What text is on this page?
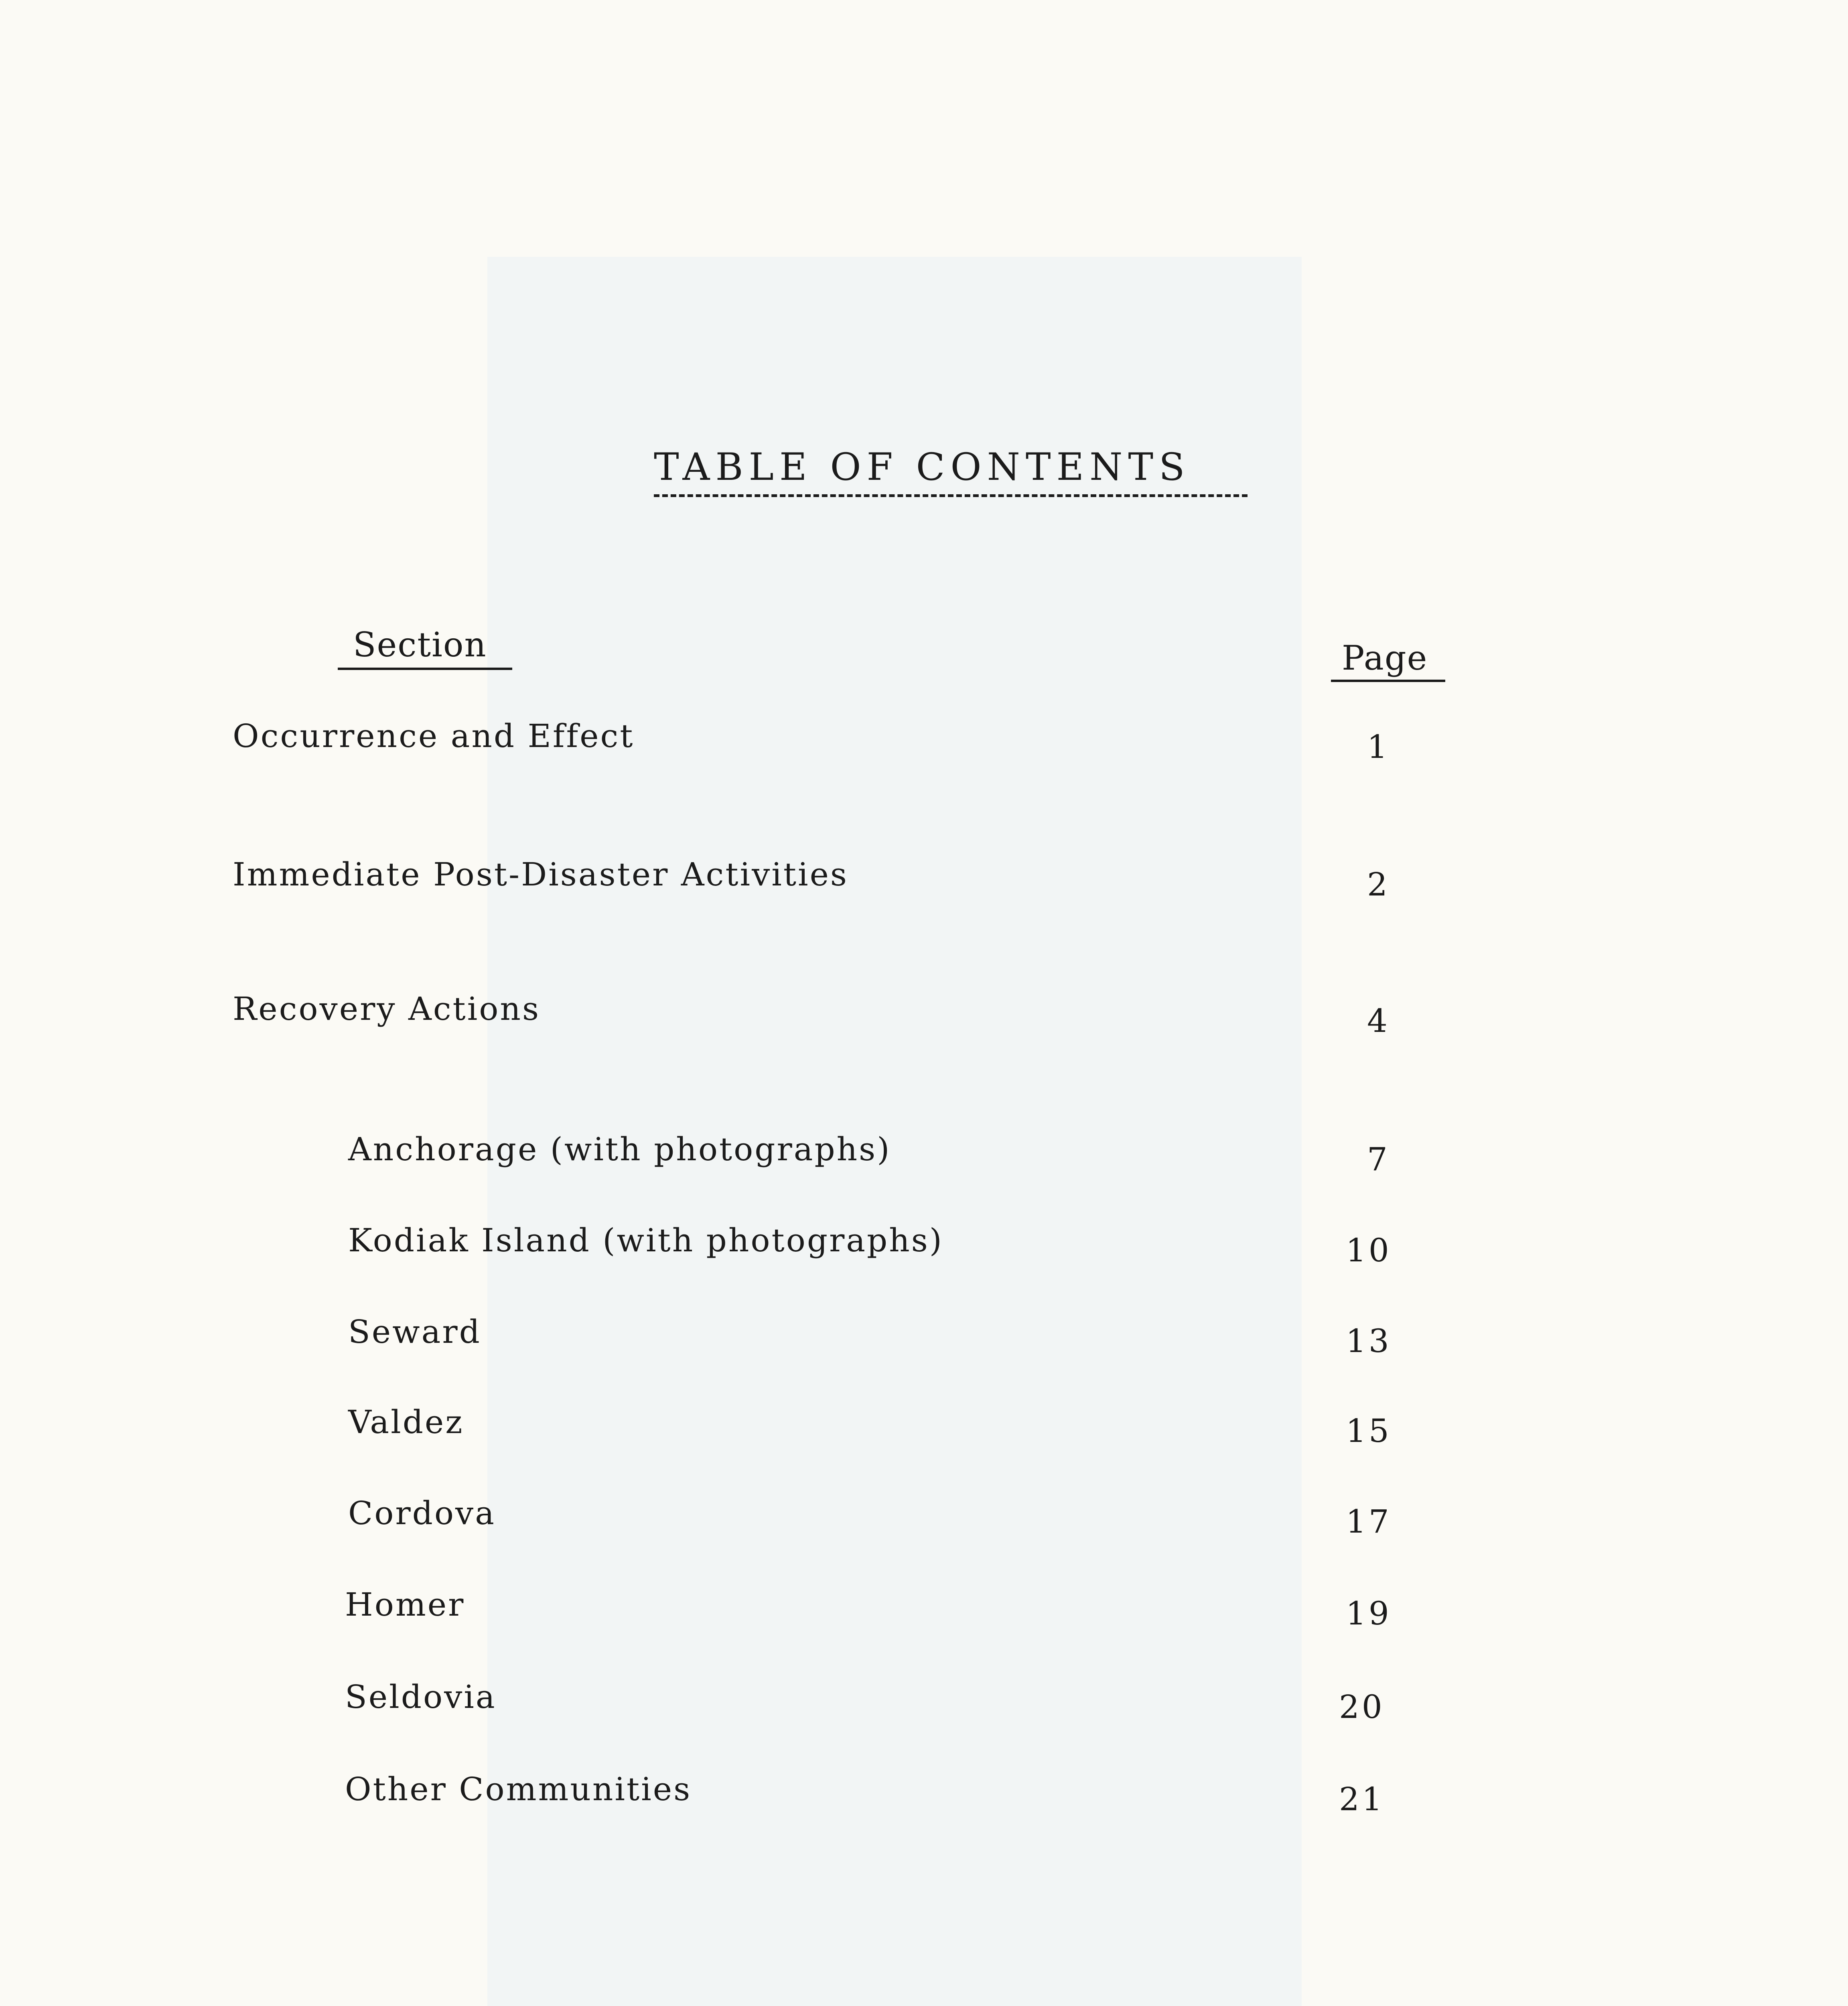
TABLE OF CONTENTS
Section	Page
Occurrence and Effect	1
Immediate Post-Disaster Activities	2
Recovery Actions	4
Anchorage (with photographs)	7
Kodiak Island (with photographs)	10
Seward	13
Valdez	15
Cordova	17
Homer	19
Seldovia	20
Other Communities	21
